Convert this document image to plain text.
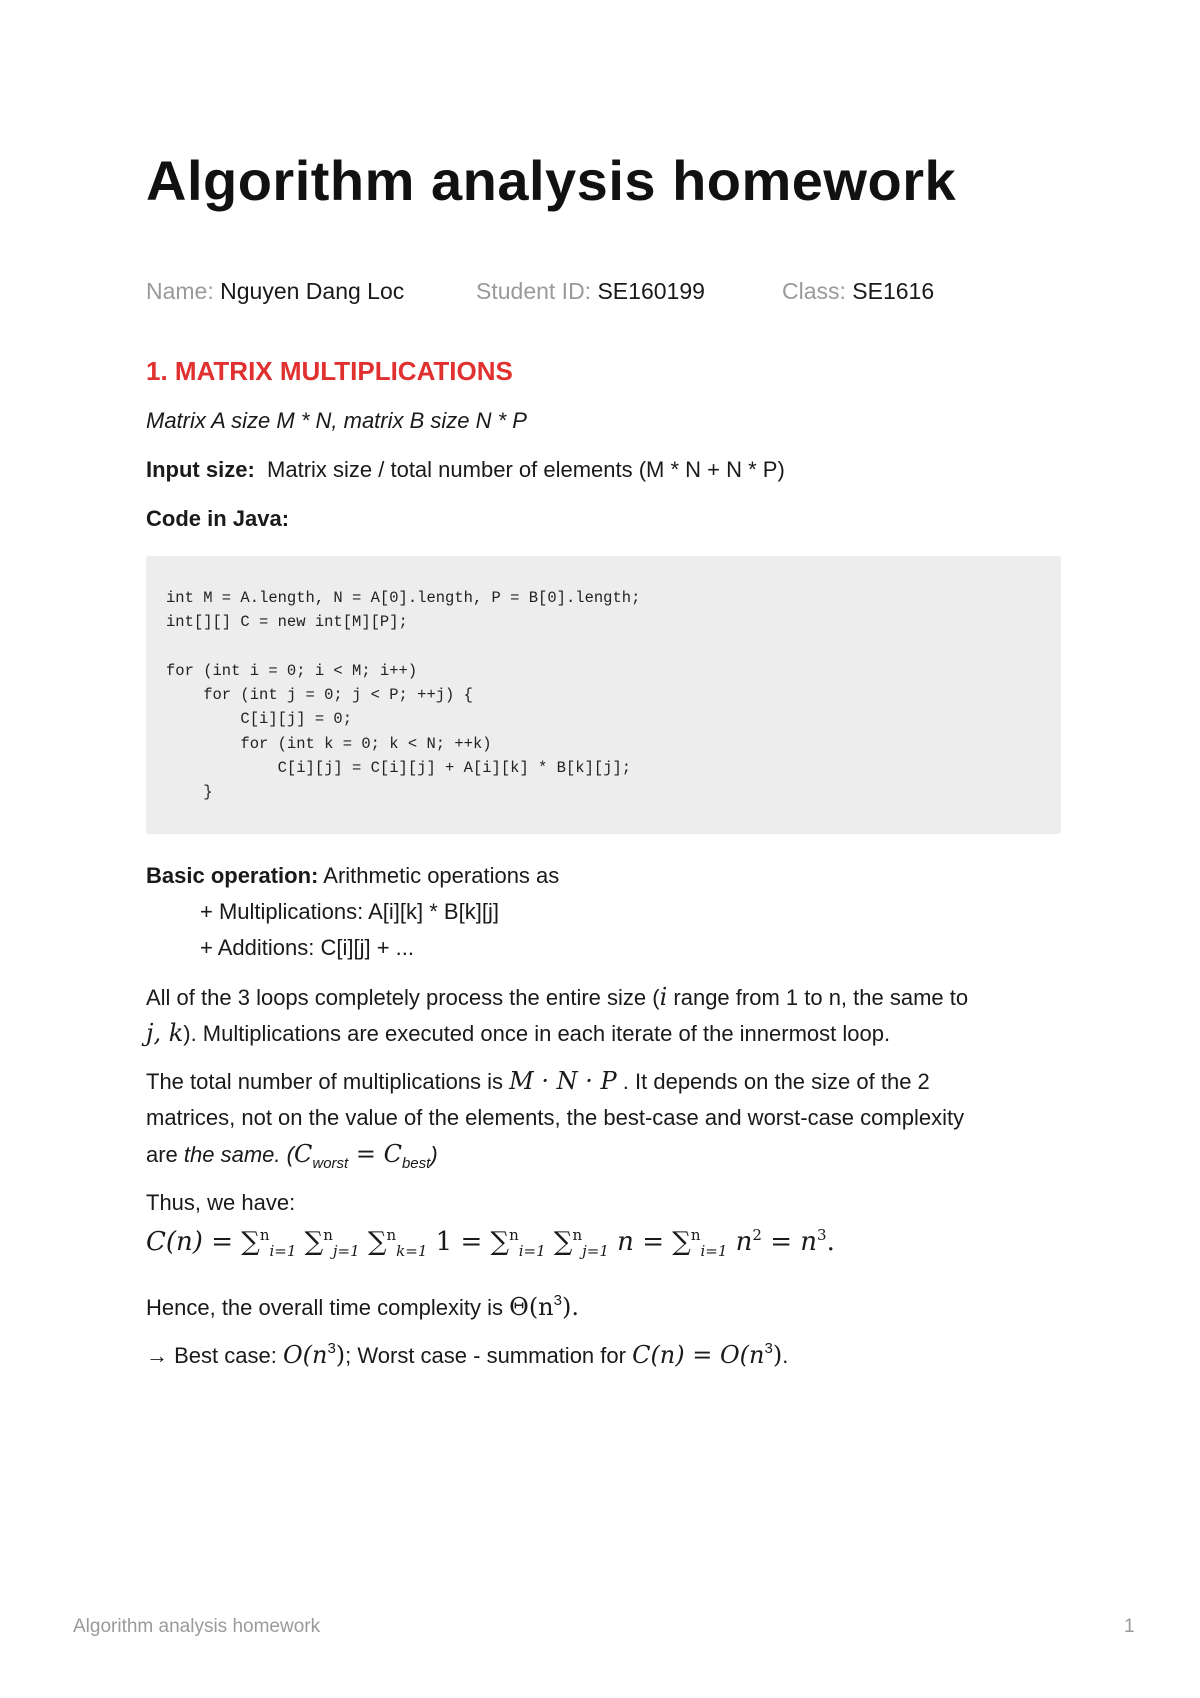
Algorithm analysis homework
Name: Nguyen Dang Loc	Student ID: SE160199	Class: SE1616
1. MATRIX MULTIPLICATIONS
Matrix A size M * N, matrix B size N * P
Input size: Matrix size / total number of elements (M * N + N * P)
Code in Java:
int M = A.length, N = A[0].length, P = B[0].length;
int[][] C = new int[M][P];

for (int i = 0; i < M; i++)
for (int j = 0; j < P; ++j) {
C[i][j] = 0;
for (int k = 0; k < N; ++k)
C[i][j] = C[i][j] + A[i][k] * B[k][j];
}
Basic operation: Arithmetic operations as
+ Multiplications: A[i][k] * B[k][j]
+ Additions: C[i][j] + ...
All of the 3 loops completely process the entire size (i range from 1 to n, the same to
j, k). Multiplications are executed once in each iterate of the innermost loop.
The total number of multiplications is M · N · P . It depends on the size of the 2
matrices, not on the value of the elements, the best-case and worst-case complexity
are the same. $(C_{worst} = C_{best})$
Thus, we have:
C(n) = ∑$^n_{i=1}$ ∑$^n_{j=1}$ ∑$^n_{k=1}$ 1 = ∑$^n_{i=1}$ ∑$^n_{j=1}$ n = ∑$^n_{i=1}$ $n^2 = n^3$.
Hence, the overall time complexity is $\Theta(n^3)$.
→ Best case: $O(n^3)$; Worst case - summation for $C(n) = O(n^3)$.
Algorithm analysis homework	1
